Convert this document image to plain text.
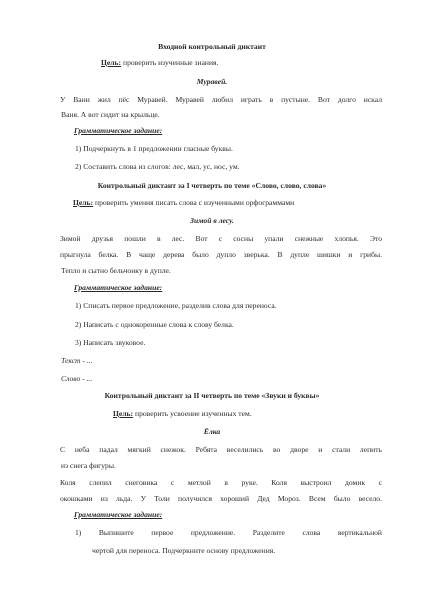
Входной контрольный диктант
Цель: проверить изученные знания.
Муравей.
У Вани жил пёс Муравей. Муравей любил играть в пустыне. Вот долго искал
Ваня. А вот сидит на крыльце.
Грамматическое задание:
1) Подчеркнуть в 1 предложении гласные буквы.
2) Составить слова из слогов: лес, мал, ус, нос, ум.
Контрольный диктант за I четверть по теме «Слово, слово, слова»
Цель: проверить умения писать слова с изученными орфограммами
Зимой в лесу.
Зимой друзья пошли в лес. Вот с сосны упали снежные хлопья. Это
прыгнула белка. В чаще дерева было дупло зверька. В дупле шишки и грибы.
Тепло и сытно бельчонку в дупле.
Грамматическое задание:
1) Списать первое предложение, разделив слова для переноса.
2) Написать с однокоренные слова к слову белка.
3) Написать звуковое.
Текст - ...
Слово - ...
Контрольный диктант за II четверть по теме «Звуки и буквы»
Цель: проверить усвоение изученных тем.
Ёлка
С неба падал мягкий снежок. Ребята веселились во дворе и стали лепить
из снега фигуры.
Коля слепил снеговика с метлой в руке. Коля выстроил домик с
окошками из льда. У Толи получился хороший Дед Мороз. Всем было весело.
Грамматическое задание:
1) Выпишите первое предложение. Разделите слова вертикальной
чертой для переноса. Подчеркните основу предложения.
